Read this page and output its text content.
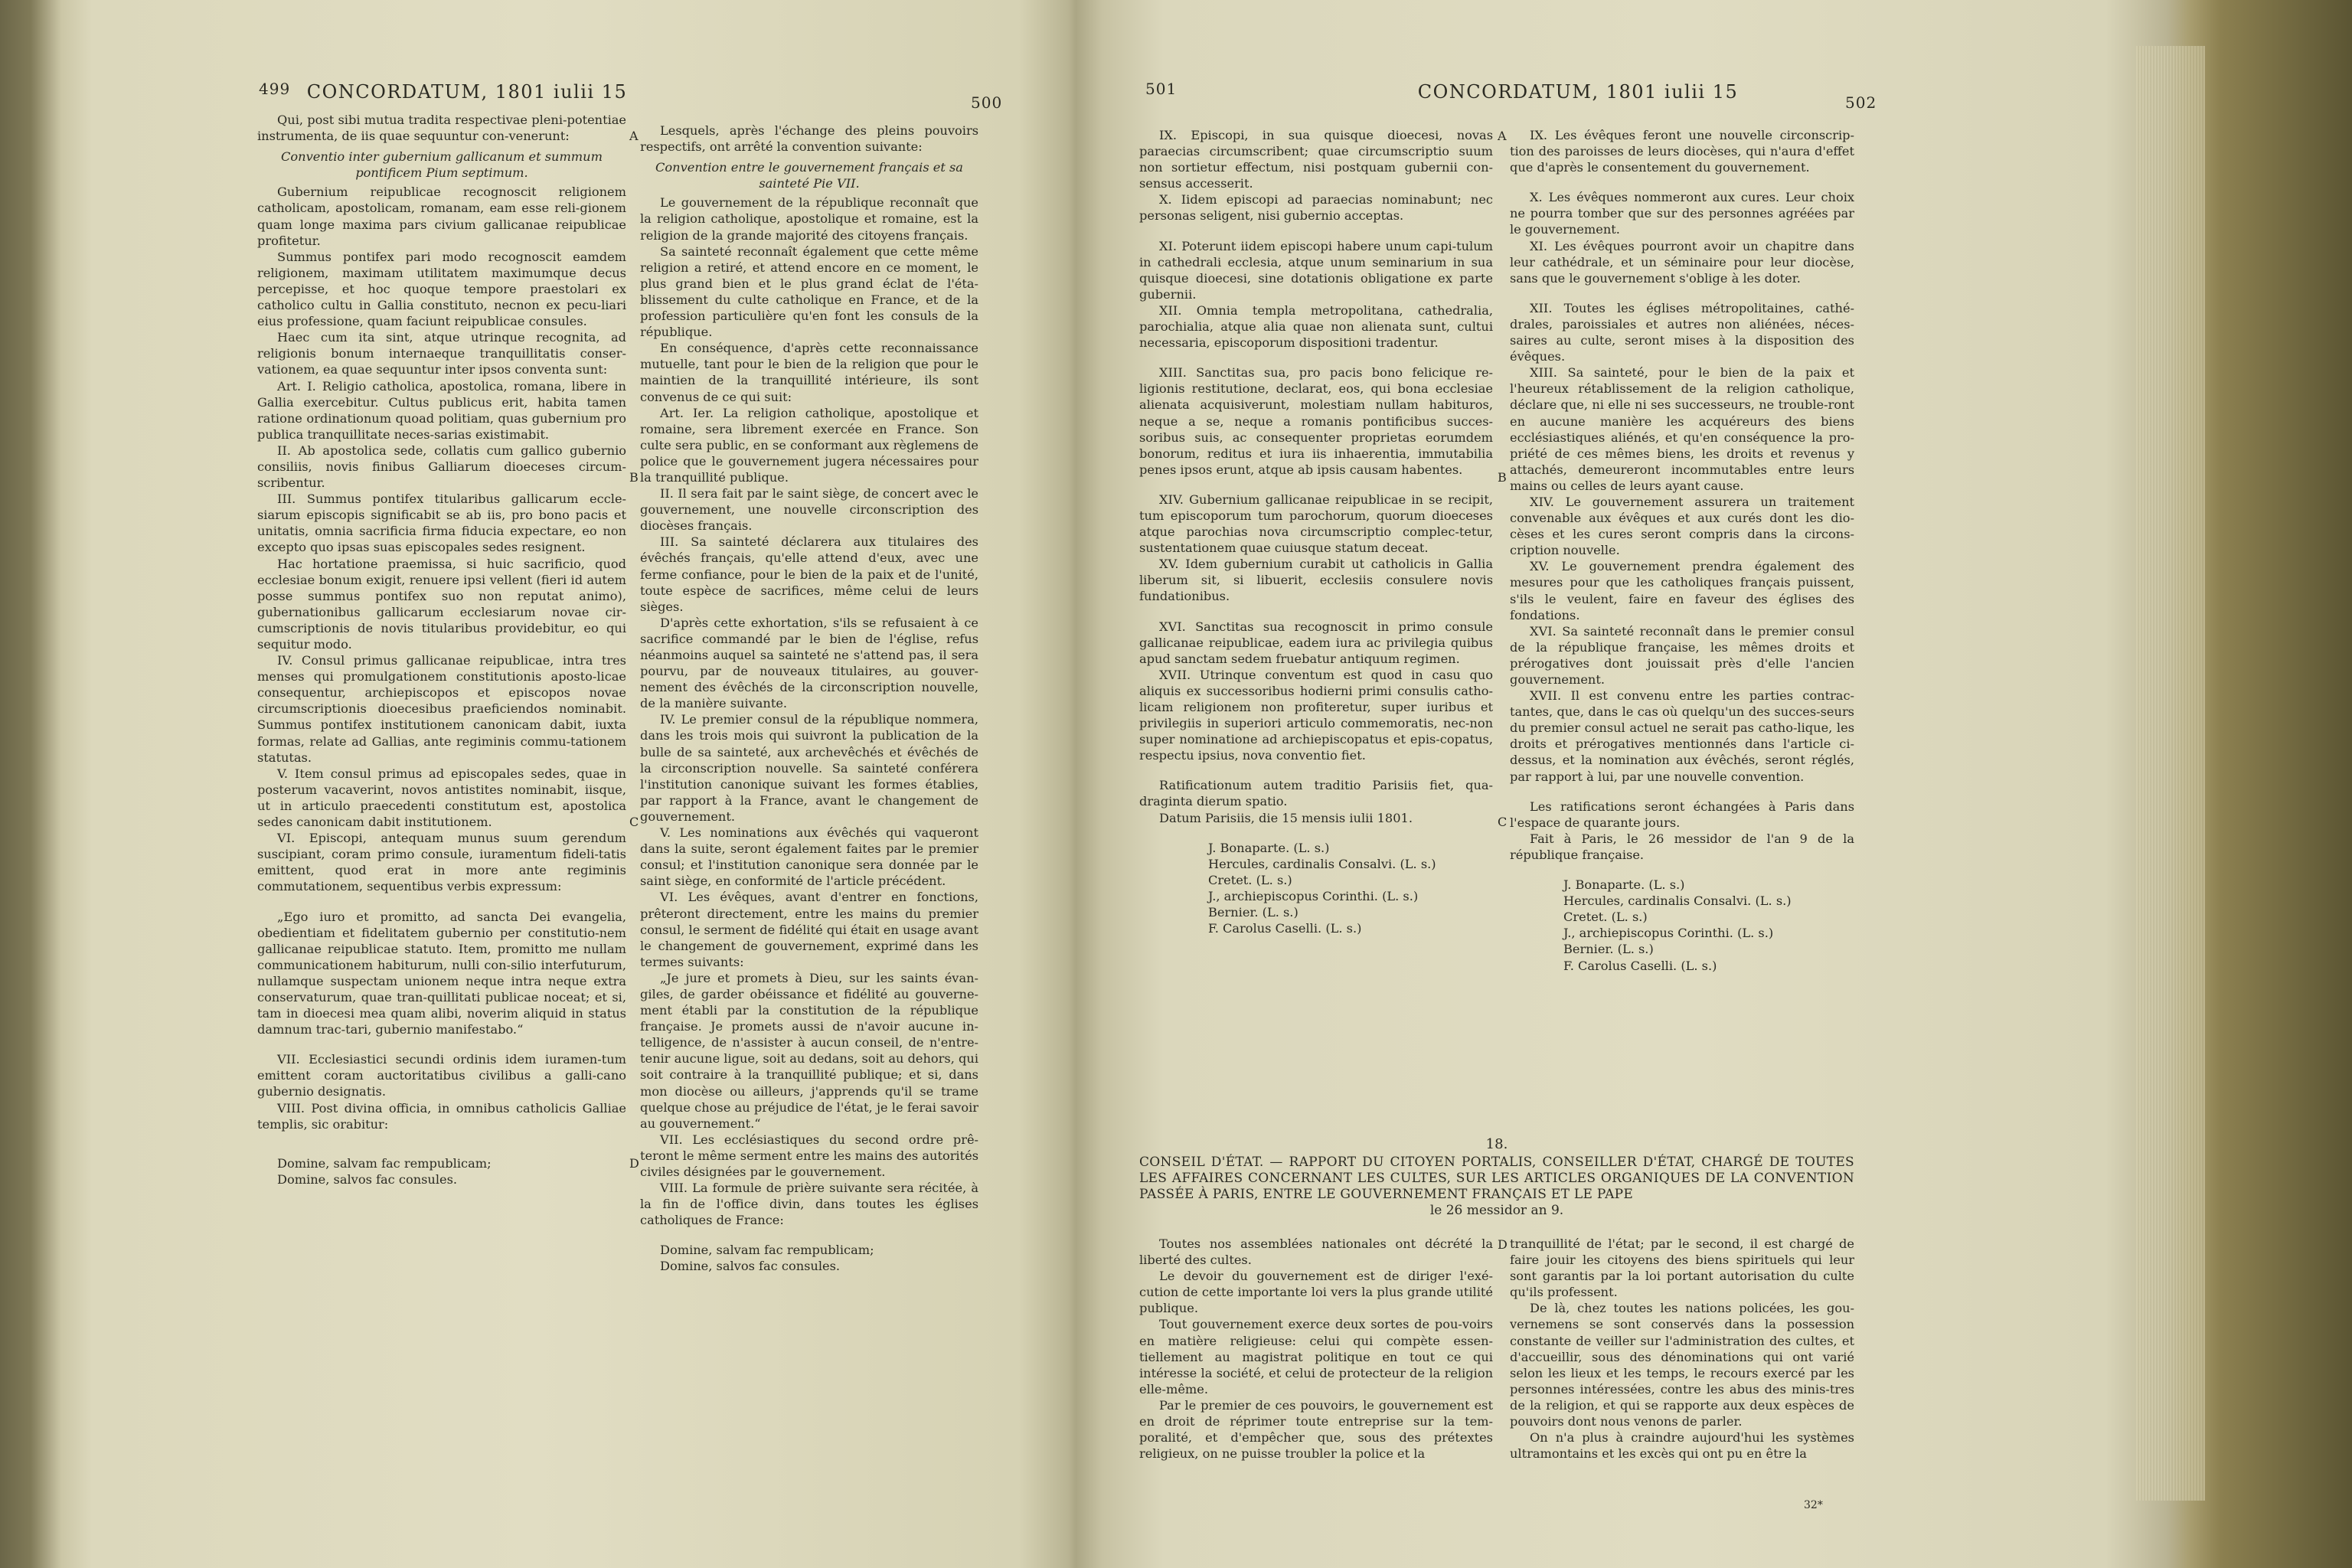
499 CONCORDATUM, 1801 iulii 15	500

Qui, post sibi mutua tradita respectivae pleni-potentiae instrumenta, de iis quae sequuntur con-venerunt:

Conventio inter gubernium gallicanum et summum pontificem Pium septimum.

Gubernium reipublicae recognoscit religionem catholicam, apostolicam, romanam, eam esse reli-gionem quam longe maxima pars civium gallicanae reipublicae profitetur.

Summus pontifex pari modo recognoscit eamdem religionem, maximam utilitatem maximumque decus percepisse, et hoc quoque tempore praestolari ex catholico cultu in Gallia constituto, necnon ex pecu-liari eius professione, quam faciunt reipublicae consules.

Haec cum ita sint, atque utrinque recognita, ad religionis bonum internaeque tranquillitatis conser-vationem, ea quae sequuntur inter ipsos conventa sunt:

Art. I. Religio catholica, apostolica, romana, libere in Gallia exercebitur. Cultus publicus erit, habita tamen ratione ordinationum quoad politiam, quas gubernium pro publica tranquillitate neces-sarias existimabit.

II. Ab apostolica sede, collatis cum gallico gubernio consiliis, novis finibus Galliarum dioeceses circum-scribentur.

III. Summus pontifex titularibus gallicarum eccle-siarum episcopis significabit se ab iis, pro bono pacis et unitatis, omnia sacrificia firma fiducia expectare, eo non excepto quo ipsas suas episcopales sedes resignent.

Hac hortatione praemissa, si huic sacrificio, quod ecclesiae bonum exigit, renuere ipsi vellent (fieri id autem posse summus pontifex suo non reputat animo), gubernationibus gallicarum ecclesiarum novae cir-cumscriptionis de novis titularibus providebitur, eo qui sequitur modo.

IV. Consul primus gallicanae reipublicae, intra tres menses qui promulgationem constitutionis aposto-licae consequentur, archiepiscopos et episcopos novae circumscriptionis dioecesibus praeficiendos nominabit. Summus pontifex institutionem canonicam dabit, iuxta formas, relate ad Gallias, ante regiminis commu-tationem statutas.

V. Item consul primus ad episcopales sedes, quae in posterum vacaverint, novos antistites nominabit, iisque, ut in articulo praecedenti constitutum est, apostolica sedes canonicam dabit institutionem.

VI. Episcopi, antequam munus suum gerendum suscipiant, coram primo consule, iuramentum fideli-tatis emittent, quod erat in more ante regiminis commutationem, sequentibus verbis expressum:

„Ego iuro et promitto, ad sancta Dei evangelia, obedientiam et fidelitatem gubernio per constitutio-nem gallicanae reipublicae statuto. Item, promitto me nullam communicationem habiturum, nulli con-silio interfuturum, nullamque suspectam unionem neque intra neque extra conservaturum, quae tran-quillitati publicae noceat; et si, tam in dioecesi mea quam alibi, noverim aliquid in status damnum trac-tari, gubernio manifestabo.“

VII. Ecclesiastici secundi ordinis idem iuramen-tum emittent coram auctoritatibus civilibus a galli-cano gubernio designatis.

VIII. Post divina officia, in omnibus catholicis Galliae templis, sic orabitur:

Domine, salvam fac rempublicam;

Domine, salvos fac consules.

Lesquels, après l'échange des pleins pouvoirs respectifs, ont arrêté la convention suivante:

Convention entre le gouvernement français et sa sainteté Pie VII.

Le gouvernement de la république reconnaît que la religion catholique, apostolique et romaine, est la religion de la grande majorité des citoyens français.

Sa sainteté reconnaît également que cette même religion a retiré, et attend encore en ce moment, le plus grand bien et le plus grand éclat de l'éta-blissement du culte catholique en France, et de la profession particulière qu'en font les consuls de la république.

En conséquence, d'après cette reconnaissance mutuelle, tant pour le bien de la religion que pour le maintien de la tranquillité intérieure, ils sont convenus de ce qui suit:

Art. Ier. La religion catholique, apostolique et romaine, sera librement exercée en France. Son culte sera public, en se conformant aux règlemens de police que le gouvernement jugera nécessaires pour la tranquillité publique.

II. Il sera fait par le saint siège, de concert avec le gouvernement, une nouvelle circonscription des diocèses français.

III. Sa sainteté déclarera aux titulaires des évêchés français, qu'elle attend d'eux, avec une ferme confiance, pour le bien de la paix et de l'unité, toute espèce de sacrifices, même celui de leurs sièges.

D'après cette exhortation, s'ils se refusaient à ce sacrifice commandé par le bien de l'église, refus néanmoins auquel sa sainteté ne s'attend pas, il sera pourvu, par de nouveaux titulaires, au gouver-nement des évêchés de la circonscription nouvelle, de la manière suivante.

IV. Le premier consul de la république nommera, dans les trois mois qui suivront la publication de la bulle de sa sainteté, aux archevêchés et évêchés de la circonscription nouvelle. Sa sainteté conférera l'institution canonique suivant les formes établies, par rapport à la France, avant le changement de gouvernement.

V. Les nominations aux évêchés qui vaqueront dans la suite, seront également faites par le premier consul; et l'institution canonique sera donnée par le saint siège, en conformité de l'article précédent.

VI. Les évêques, avant d'entrer en fonctions, prêteront directement, entre les mains du premier consul, le serment de fidélité qui était en usage avant le changement de gouvernement, exprimé dans les termes suivants:

„Je jure et promets à Dieu, sur les saints évan-giles, de garder obéissance et fidélité au gouverne-ment établi par la constitution de la république française. Je promets aussi de n'avoir aucune in-telligence, de n'assister à aucun conseil, de n'entre-tenir aucune ligue, soit au dedans, soit au dehors, qui soit contraire à la tranquillité publique; et si, dans mon diocèse ou ailleurs, j'apprends qu'il se trame quelque chose au préjudice de l'état, je le ferai savoir au gouvernement.“

VII. Les ecclésiastiques du second ordre prê-teront le même serment entre les mains des autorités civiles désignées par le gouvernement.

VIII. La formule de prière suivante sera récitée, à la fin de l'office divin, dans toutes les églises catholiques de France:

Domine, salvam fac rempublicam;

Domine, salvos fac consules.

A
B
C
D
501	CONCORDATUM, 1801 iulii 15	502

IX. Episcopi, in sua quisque dioecesi, novas paraecias circumscribent; quae circumscriptio suum non sortietur effectum, nisi postquam gubernii con-sensus accesserit.

X. Iidem episcopi ad paraecias nominabunt; nec personas seligent, nisi gubernio acceptas.

XI. Poterunt iidem episcopi habere unum capi-tulum in cathedrali ecclesia, atque unum seminarium in sua quisque dioecesi, sine dotationis obligatione ex parte gubernii.

XII. Omnia templa metropolitana, cathedralia, parochialia, atque alia quae non alienata sunt, cultui necessaria, episcoporum dispositioni tradentur.

XIII. Sanctitas sua, pro pacis bono felicique re-ligionis restitutione, declarat, eos, qui bona ecclesiae alienata acquisiverunt, molestiam nullam habituros, neque a se, neque a romanis pontificibus succes-soribus suis, ac consequenter proprietas eorumdem bonorum, reditus et iura iis inhaerentia, immutabilia penes ipsos erunt, atque ab ipsis causam habentes.

XIV. Gubernium gallicanae reipublicae in se recipit, tum episcoporum tum parochorum, quorum dioeceses atque parochias nova circumscriptio complec-tetur, sustentationem quae cuiusque statum deceat.

XV. Idem gubernium curabit ut catholicis in Gallia liberum sit, si libuerit, ecclesiis consulere novis fundationibus.

XVI. Sanctitas sua recognoscit in primo consule gallicanae reipublicae, eadem iura ac privilegia quibus apud sanctam sedem fruebatur antiquum regimen.

XVII. Utrinque conventum est quod in casu quo aliquis ex successoribus hodierni primi consulis catho-licam religionem non profiteretur, super iuribus et privilegiis in superiori articulo commemoratis, nec-non super nominatione ad archiepiscopatus et epis-copatus, respectu ipsius, nova conventio fiet.

Ratificationum autem traditio Parisiis fiet, qua-draginta dierum spatio.

Datum Parisiis, die 15 mensis iulii 1801.

J. Bonaparte. (L. s.)

Hercules, cardinalis Consalvi. (L. s.)

Cretet. (L. s.)

J., archiepiscopus Corinthi. (L. s.)

Bernier. (L. s.)

F. Carolus Caselli. (L. s.)

IX. Les évêques feront une nouvelle circonscrip-tion des paroisses de leurs diocèses, qui n'aura d'effet que d'après le consentement du gouvernement.

X. Les évêques nommeront aux cures. Leur choix ne pourra tomber que sur des personnes agréées par le gouvernement.

XI. Les évêques pourront avoir un chapitre dans leur cathédrale, et un séminaire pour leur diocèse, sans que le gouvernement s'oblige à les doter.

XII. Toutes les églises métropolitaines, cathé-drales, paroissiales et autres non aliénées, néces-saires au culte, seront mises à la disposition des évêques.

XIII. Sa sainteté, pour le bien de la paix et l'heureux rétablissement de la religion catholique, déclare que, ni elle ni ses successeurs, ne trouble-ront en aucune manière les acquéreurs des biens ecclésiastiques aliénés, et qu'en conséquence la pro-priété de ces mêmes biens, les droits et revenus y attachés, demeureront incommutables entre leurs mains ou celles de leurs ayant cause.

XIV. Le gouvernement assurera un traitement convenable aux évêques et aux curés dont les dio-cèses et les cures seront compris dans la circons-cription nouvelle.

XV. Le gouvernement prendra également des mesures pour que les catholiques français puissent, s'ils le veulent, faire en faveur des églises des fondations.

XVI. Sa sainteté reconnaît dans le premier consul de la république française, les mêmes droits et prérogatives dont jouissait près d'elle l'ancien gouvernement.

XVII. Il est convenu entre les parties contrac-tantes, que, dans le cas où quelqu'un des succes-seurs du premier consul actuel ne serait pas catho-lique, les droits et prérogatives mentionnés dans l'article ci-dessus, et la nomination aux évêchés, seront réglés, par rapport à lui, par une nouvelle convention.

Les ratifications seront échangées à Paris dans l'espace de quarante jours.

Fait à Paris, le 26 messidor de l'an 9 de la république française.

J. Bonaparte. (L. s.)

Hercules, cardinalis Consalvi. (L. s.)

Cretet. (L. s.)

J., archiepiscopus Corinthi. (L. s.)

Bernier. (L. s.)

F. Carolus Caselli. (L. s.)

A
B
C
D
18.
CONSEIL D'ÉTAT. — RAPPORT DU CITOYEN PORTALIS, CONSEILLER D'ÉTAT, CHARGÉ DE TOUTES LES AFFAIRES CONCERNANT LES CULTES, SUR LES ARTICLES ORGANIQUES DE LA CONVENTION PASSÉE À PARIS, ENTRE LE GOUVERNEMENT FRANÇAIS ET LE PAPE
le 26 messidor an 9.

Toutes nos assemblées nationales ont décrété la liberté des cultes.

Le devoir du gouvernement est de diriger l'exé-cution de cette importante loi vers la plus grande utilité publique.

Tout gouvernement exerce deux sortes de pou-voirs en matière religieuse: celui qui compète essen-tiellement au magistrat politique en tout ce qui intéresse la société, et celui de protecteur de la religion elle-même.

Par le premier de ces pouvoirs, le gouvernement est en droit de réprimer toute entreprise sur la tem-poralité, et d'empêcher que, sous des prétextes religieux, on ne puisse troubler la police et la

tranquillité de l'état; par le second, il est chargé de faire jouir les citoyens des biens spirituels qui leur sont garantis par la loi portant autorisation du culte qu'ils professent.

De là, chez toutes les nations policées, les gou-vernemens se sont conservés dans la possession constante de veiller sur l'administration des cultes, et d'accueillir, sous des dénominations qui ont varié selon les lieux et les temps, le recours exercé par les personnes intéressées, contre les abus des minis-tres de la religion, et qui se rapporte aux deux espèces de pouvoirs dont nous venons de parler.

On n'a plus à craindre aujourd'hui les systèmes ultramontains et les excès qui ont pu en être la

32*
